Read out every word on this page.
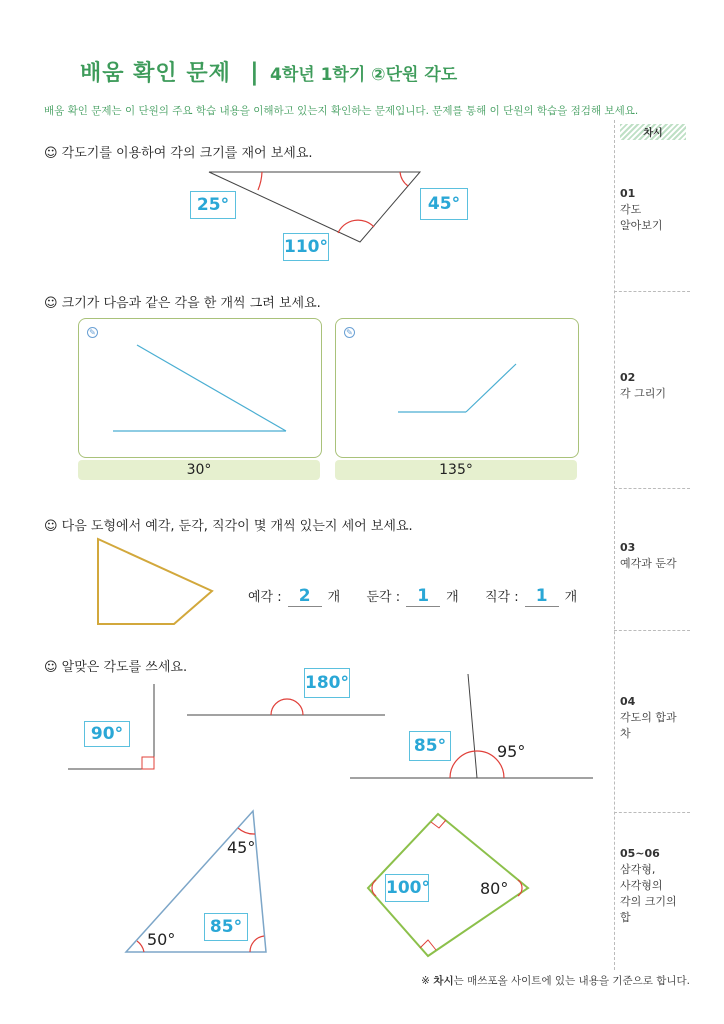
배움 확인 문제 | 4학년 1학기 ②단원 각도
배움 확인 문제는 이 단원의 주요 학습 내용을 이해하고 있는지 확인하는 문제입니다. 문제를 통해 이 단원의 학습을 점검해 보세요.
차시
01
각도
알아보기
02
각 그리기
03
예각과 둔각
04
각도의 합과
차
05~06
삼각형,
사각형의
각의 크기의
합
☺ 각도기를 이용하여 각의 크기를 재어 보세요.
25°	45°
110°
☺ 크기가 다음과 같은 각을 한 개씩 그려 보세요.
✎
30°
✎
135°
☺ 다음 도형에서 예각, 둔각, 직각이 몇 개씩 있는지 세어 보세요.
예각 : 2 개 둔각 : 1 개 직각 : 1 개
☺ 알맞은 각도를 쓰세요.
90°
180°
85°	95°
45°
50°
85°
100°	80°
※ 차시는 매쓰포올 사이트에 있는 내용을 기준으로 합니다.
